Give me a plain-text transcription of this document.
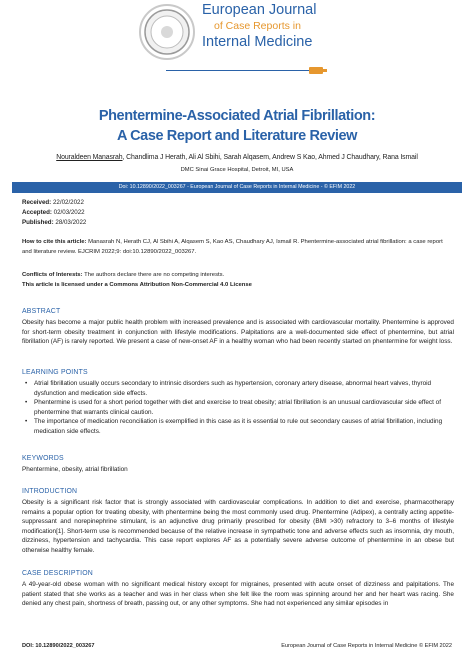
European Journal
of Case Reports in
Internal Medicine
Phentermine-Associated Atrial Fibrillation:
A Case Report and Literature Review
Nouraldeen Manasrah, Chandlima J Herath, Ali Al Sbihi, Sarah Alqasem, Andrew S Kao, Ahmed J Chaudhary, Rana Ismail
DMC Sinai Grace Hospital, Detroit, MI, USA
Doi: 10.12890/2022_003267 - European Journal of Case Reports in Internal Medicine - © EFIM 2022
Received: 22/02/2022
Accepted: 02/03/2022
Published: 28/03/2022
How to cite this article: Manasrah N, Herath CJ, Al Sbihi A, Alqasem S, Kao AS, Chaudhary AJ, Ismail R. Phentermine-associated atrial fibrillation: a case report and literature review. EJCRIM 2022;9: doi:10.12890/2022_003267.
Conflicts of Interests: The authors declare there are no competing interests.
This article is licensed under a Commons Attribution Non-Commercial 4.0 License
ABSTRACT
Obesity has become a major public health problem with increased prevalence and is associated with cardiovascular mortality. Phentermine is approved for short-term obesity treatment in conjunction with lifestyle modifications. Palpitations are a well-documented side effect of phentermine, but atrial fibrillation (AF) is rarely reported. We present a case of new-onset AF in a healthy woman who had been recently started on phentermine for weight loss.
LEARNING POINTS
• Atrial fibrillation usually occurs secondary to intrinsic disorders such as hypertension, coronary artery disease, abnormal heart valves, thyroid dysfunction and medication side effects.
• Phentermine is used for a short period together with diet and exercise to treat obesity; atrial fibrillation is an unusual cardiovascular side effect of phentermine that warrants clinical caution.
• The importance of medication reconciliation is exemplified in this case as it is essential to rule out secondary causes of atrial fibrillation, including medication side effects.
KEYWORDS
Phentermine, obesity, atrial fibrillation
INTRODUCTION
Obesity is a significant risk factor that is strongly associated with cardiovascular complications. In addition to diet and exercise, pharmacotherapy remains a popular option for treating obesity, with phentermine being the most commonly used drug. Phentermine (Adipex), a centrally acting appetite-suppressant and norepinephrine stimulant, is an adjunctive drug primarily prescribed for obesity (BMI >30) refractory to 3–6 months of lifestyle modification[1]. Short-term use is recommended because of the relative increase in sympathetic tone and adverse effects such as insomnia, dry mouth, dizziness, hypertension and tachycardia. This case report explores AF as a potentially severe adverse outcome of phentermine in an obese but otherwise healthy female.
CASE DESCRIPTION
A 49-year-old obese woman with no significant medical history except for migraines, presented with acute onset of dizziness and palpitations. The patient stated that she works as a teacher and was in her class when she felt like the room was spinning around her and her heart was racing. She denied any chest pain, shortness of breath, passing out, or any other symptoms. She had not experienced any similar episodes in
DOI: 10.12890/2022_003267	European Journal of Case Reports in Internal Medicine © EFIM 2022
